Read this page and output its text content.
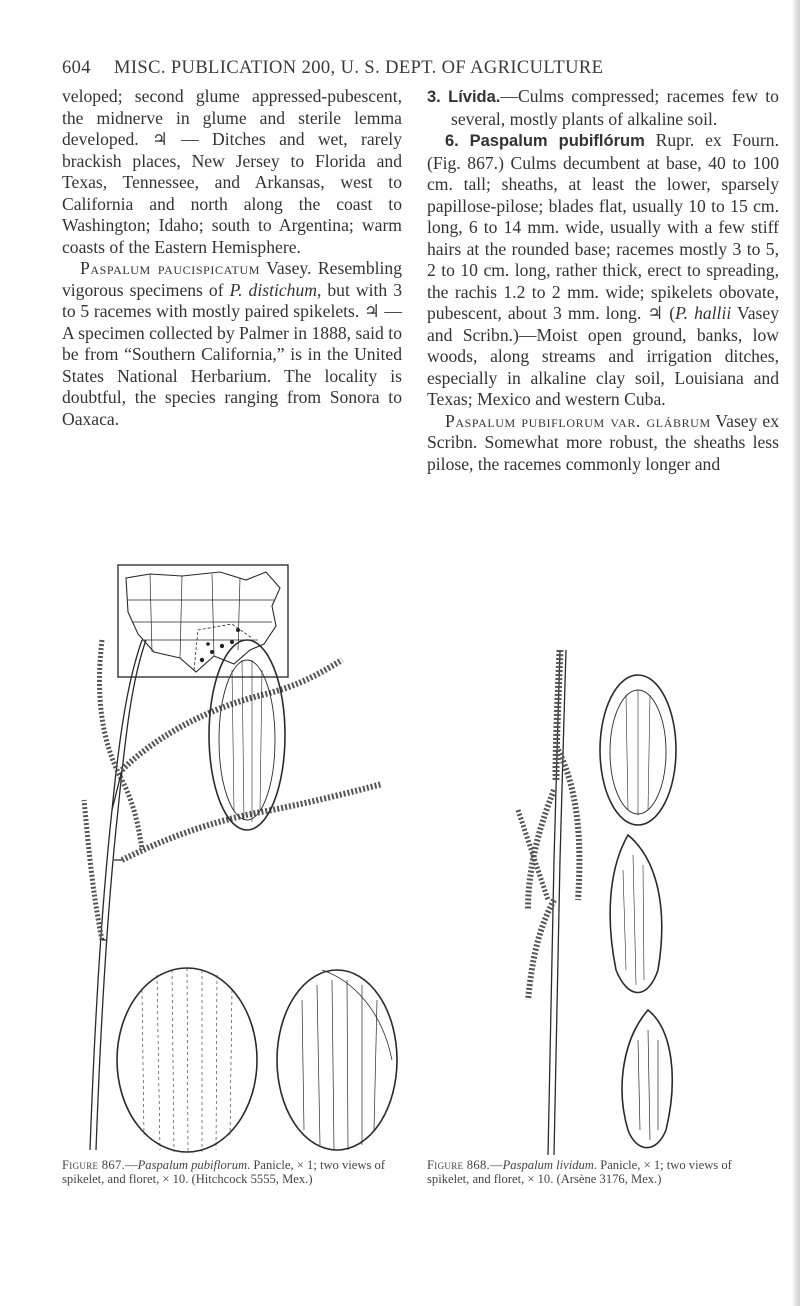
604 MISC. PUBLICATION 200, U. S. DEPT. OF AGRICULTURE

veloped; second glume appressed-pubescent, the midnerve in glume and sterile lemma developed. ♃ — Ditches and wet, rarely brackish places, New Jersey to Florida and Texas, Tennessee, and Arkansas, west to California and north along the coast to Washington; Idaho; south to Argentina; warm coasts of the Eastern Hemisphere.

Paspalum paucispicatum Vasey. Resembling vigorous specimens of P. distichum, but with 3 to 5 racemes with mostly paired spikelets. ♃ — A specimen collected by Palmer in 1888, said to be from “Southern California,” is in the United States National Herbarium. The locality is doubtful, the species ranging from Sonora to Oaxaca.

3. Lívida.—Culms compressed; racemes few to several, mostly plants of alkaline soil.

6. Paspalum pubiflórum Rupr. ex Fourn. (Fig. 867.) Culms decumbent at base, 40 to 100 cm. tall; sheaths, at least the lower, sparsely papillose-pilose; blades flat, usually 10 to 15 cm. long, 6 to 14 mm. wide, usually with a few stiff hairs at the rounded base; racemes mostly 3 to 5, 2 to 10 cm. long, rather thick, erect to spreading, the rachis 1.2 to 2 mm. wide; spikelets obovate, pubescent, about 3 mm. long. ♃ (P. hallii Vasey and Scribn.)—Moist open ground, banks, low woods, along streams and irrigation ditches, especially in alkaline clay soil, Louisiana and Texas; Mexico and western Cuba.

Paspalum pubiflorum var. glábrum Vasey ex Scribn. Somewhat more robust, the sheaths less pilose, the racemes commonly longer and

Figure 867.—Paspalum pubiflorum. Panicle, × 1; two views of spikelet, and floret, × 10. (Hitchcock 5555, Mex.)
Figure 868.—Paspalum lividum. Panicle, × 1; two views of spikelet, and floret, × 10. (Arsène 3176, Mex.)
